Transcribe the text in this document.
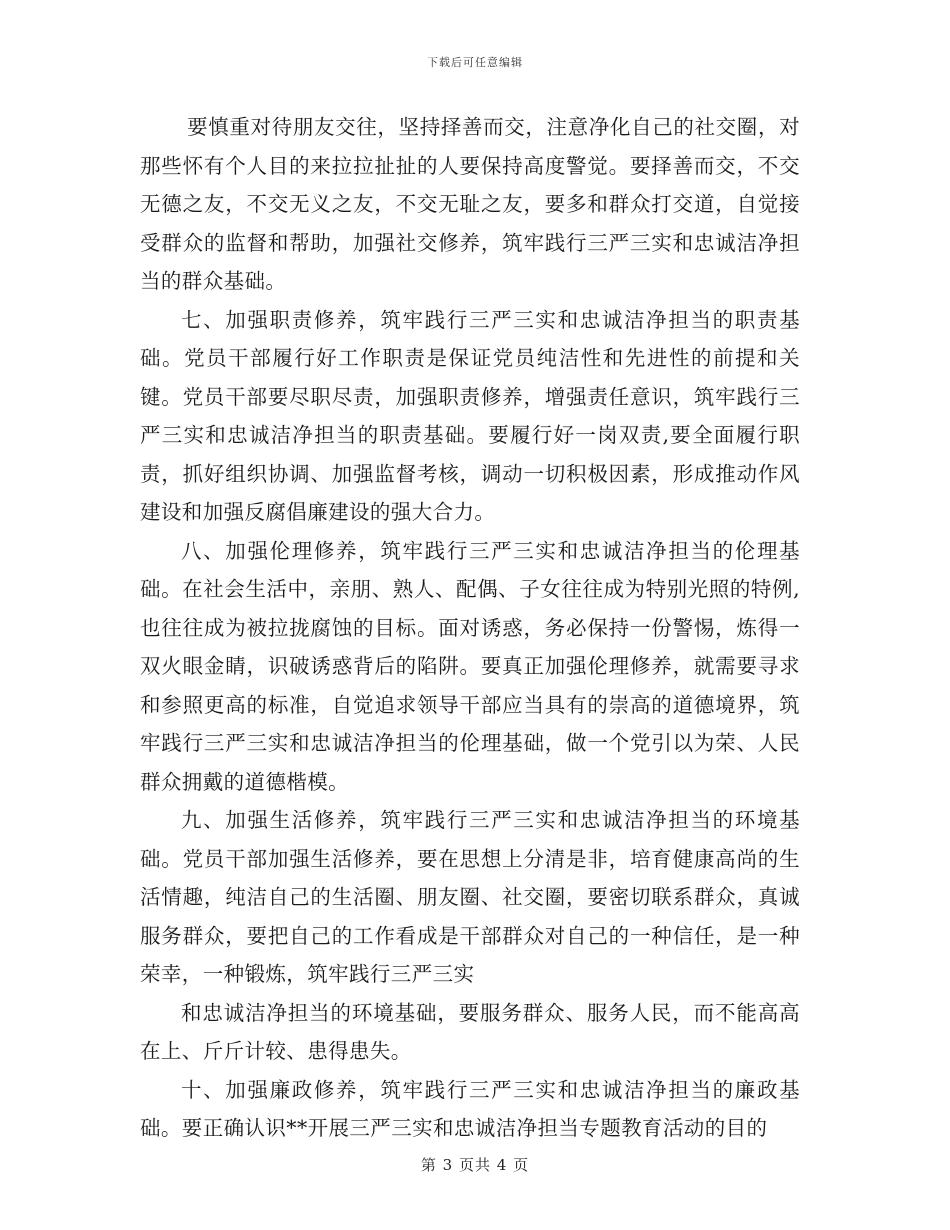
下载后可任意编辑

要慎重对待朋友交往，坚持择善而交，注意净化自己的社交圈，对那些怀有个人目的来拉拉扯扯的人要保持高度警觉。要择善而交，不交无德之友，不交无义之友，不交无耻之友，要多和群众打交道，自觉接受群众的监督和帮助，加强社交修养，筑牢践行三严三实和忠诚洁净担当的群众基础。

七、加强职责修养，筑牢践行三严三实和忠诚洁净担当的职责基础。党员干部履行好工作职责是保证党员纯洁性和先进性的前提和关键。党员干部要尽职尽责，加强职责修养，增强责任意识，筑牢践行三严三实和忠诚洁净担当的职责基础。要履行好一岗双责,要全面履行职责，抓好组织协调、加强监督考核，调动一切积极因素，形成推动作风建设和加强反腐倡廉建设的强大合力。

八、加强伦理修养，筑牢践行三严三实和忠诚洁净担当的伦理基础。在社会生活中，亲朋、熟人、配偶、子女往往成为特别光照的特例,也往往成为被拉拢腐蚀的目标。面对诱惑，务必保持一份警惕，炼得一双火眼金睛，识破诱惑背后的陷阱。要真正加强伦理修养，就需要寻求和参照更高的标准，自觉追求领导干部应当具有的崇高的道德境界，筑牢践行三严三实和忠诚洁净担当的伦理基础，做一个党引以为荣、人民群众拥戴的道德楷模。

九、加强生活修养，筑牢践行三严三实和忠诚洁净担当的环境基础。党员干部加强生活修养，要在思想上分清是非，培育健康高尚的生活情趣，纯洁自己的生活圈、朋友圈、社交圈，要密切联系群众，真诚服务群众，要把自己的工作看成是干部群众对自己的一种信任，是一种荣幸，一种锻炼，筑牢践行三严三实

和忠诚洁净担当的环境基础，要服务群众、服务人民，而不能高高在上、斤斤计较、患得患失。

十、加强廉政修养，筑牢践行三严三实和忠诚洁净担当的廉政基础。要正确认识**开展三严三实和忠诚洁净担当专题教育活动的目的

第 3 页共 4 页
